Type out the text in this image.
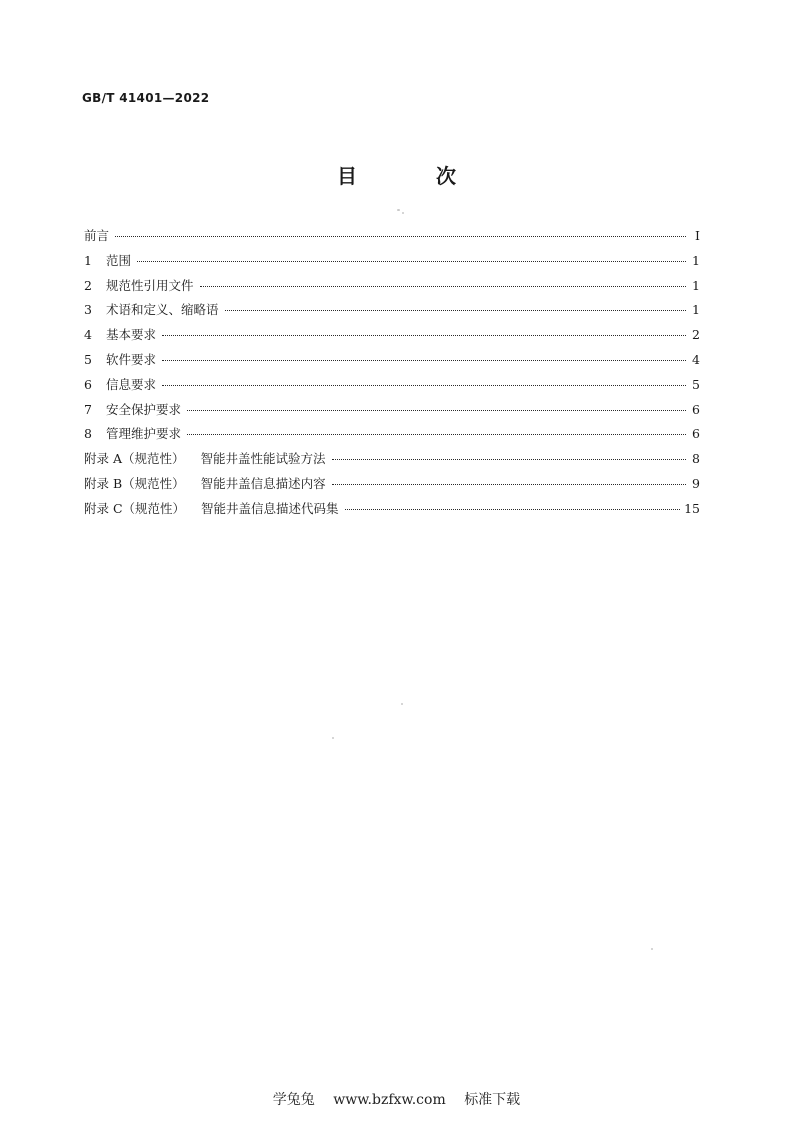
GB/T 41401—2022
目 次
前言	Ⅰ
1	范围	1
2	规范性引用文件	1
3	术语和定义、缩略语	1
4	基本要求	2
5	软件要求	4
6	信息要求	5
7	安全保护要求	6
8	管理维护要求	6
附录 A（规范性） 智能井盖性能试验方法	8
附录 B（规范性） 智能井盖信息描述内容	9
附录 C（规范性） 智能井盖信息描述代码集	15
学兔兔 www.bzfxw.com 标准下载
